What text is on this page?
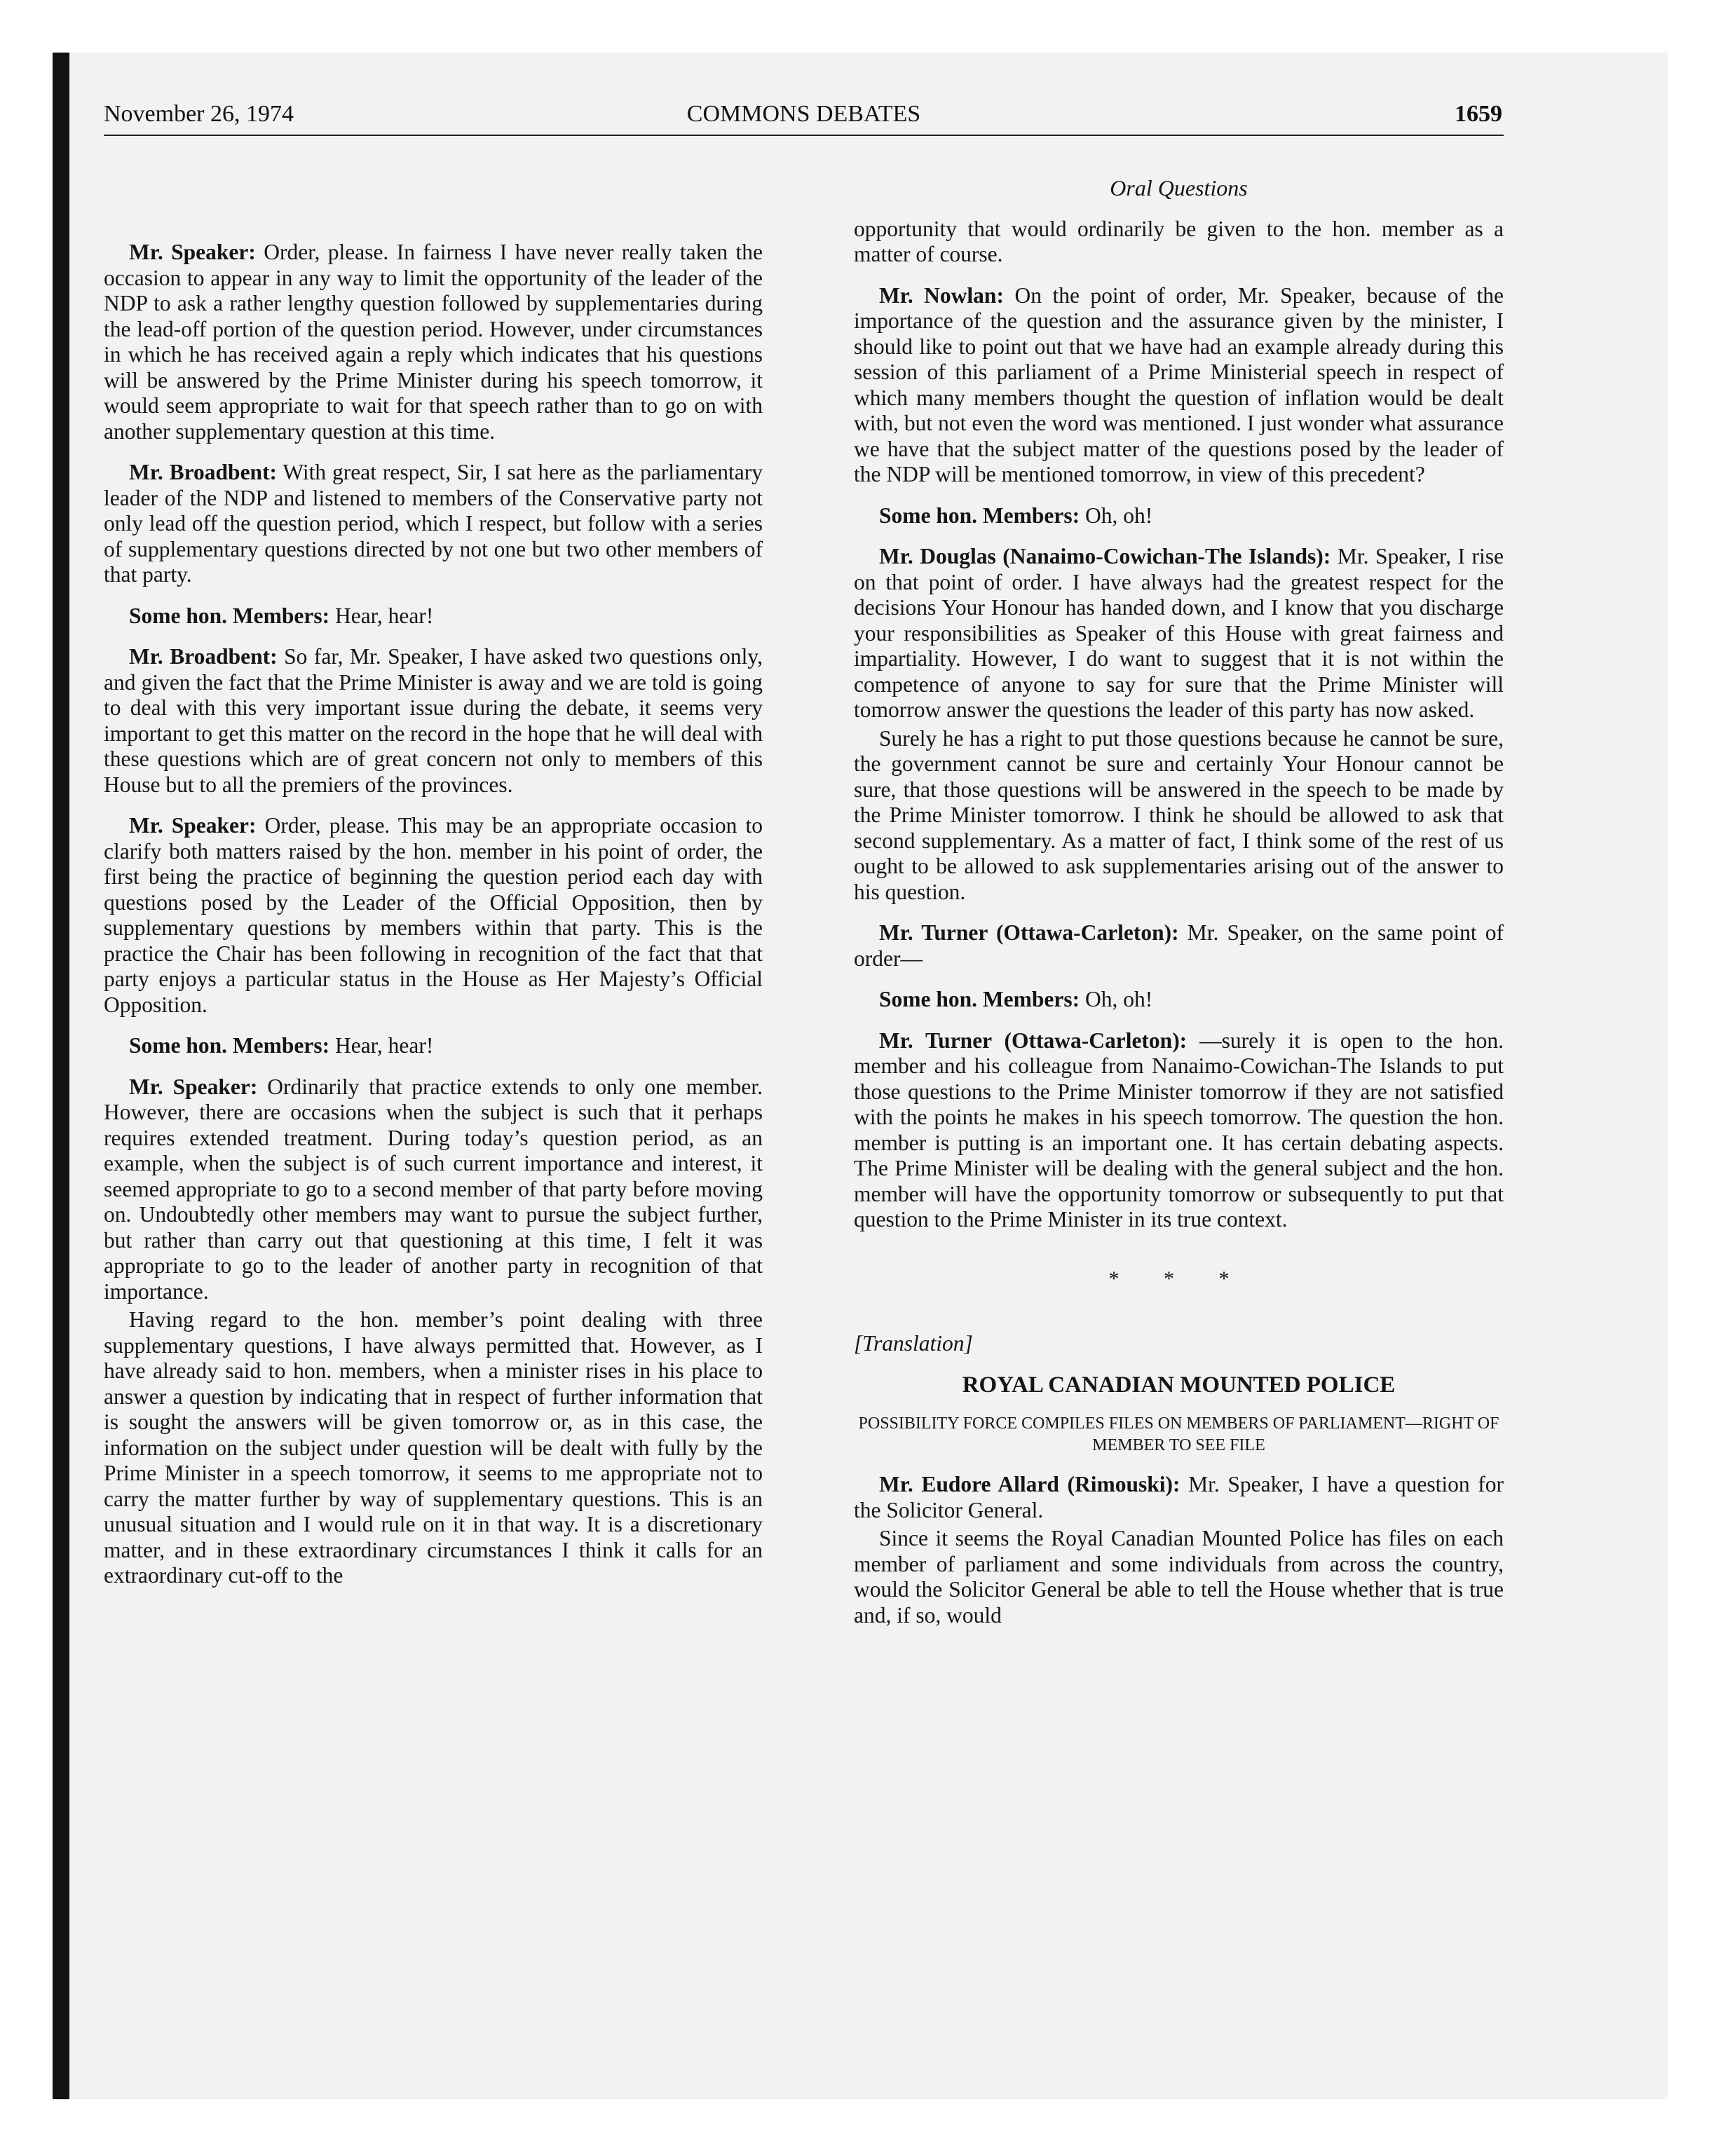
November 26, 1974	COMMONS DEBATES	1659

Mr. Speaker: Order, please. In fairness I have never really taken the occasion to appear in any way to limit the opportunity of the leader of the NDP to ask a rather lengthy question followed by supplementaries during the lead-off portion of the question period. However, under circumstances in which he has received again a reply which indicates that his questions will be answered by the Prime Minister during his speech tomorrow, it would seem appropriate to wait for that speech rather than to go on with another supplementary question at this time.

Mr. Broadbent: With great respect, Sir, I sat here as the parliamentary leader of the NDP and listened to members of the Conservative party not only lead off the question period, which I respect, but follow with a series of supplementary questions directed by not one but two other members of that party.

Some hon. Members: Hear, hear!

Mr. Broadbent: So far, Mr. Speaker, I have asked two questions only, and given the fact that the Prime Minister is away and we are told is going to deal with this very important issue during the debate, it seems very important to get this matter on the record in the hope that he will deal with these questions which are of great concern not only to members of this House but to all the premiers of the provinces.

Mr. Speaker: Order, please. This may be an appropriate occasion to clarify both matters raised by the hon. member in his point of order, the first being the practice of beginning the question period each day with questions posed by the Leader of the Official Opposition, then by supplementary questions by members within that party. This is the practice the Chair has been following in recognition of the fact that that party enjoys a particular status in the House as Her Majesty’s Official Opposition.

Some hon. Members: Hear, hear!

Mr. Speaker: Ordinarily that practice extends to only one member. However, there are occasions when the subject is such that it perhaps requires extended treatment. During today’s question period, as an example, when the subject is of such current importance and interest, it seemed appropriate to go to a second member of that party before moving on. Undoubtedly other members may want to pursue the subject further, but rather than carry out that questioning at this time, I felt it was appropriate to go to the leader of another party in recognition of that importance.

Having regard to the hon. member’s point dealing with three supplementary questions, I have always permitted that. However, as I have already said to hon. members, when a minister rises in his place to answer a question by indicating that in respect of further information that is sought the answers will be given tomorrow or, as in this case, the information on the subject under question will be dealt with fully by the Prime Minister in a speech tomorrow, it seems to me appropriate not to carry the matter further by way of supplementary questions. This is an unusual situation and I would rule on it in that way. It is a discretionary matter, and in these extraordinary circumstances I think it calls for an extraordinary cut-off to the

Oral Questions

opportunity that would ordinarily be given to the hon. member as a matter of course.

Mr. Nowlan: On the point of order, Mr. Speaker, because of the importance of the question and the assurance given by the minister, I should like to point out that we have had an example already during this session of this parliament of a Prime Ministerial speech in respect of which many members thought the question of inflation would be dealt with, but not even the word was mentioned. I just wonder what assurance we have that the subject matter of the questions posed by the leader of the NDP will be mentioned tomorrow, in view of this precedent?

Some hon. Members: Oh, oh!

Mr. Douglas (Nanaimo-Cowichan-The Islands): Mr. Speaker, I rise on that point of order. I have always had the greatest respect for the decisions Your Honour has handed down, and I know that you discharge your responsibilities as Speaker of this House with great fairness and impartiality. However, I do want to suggest that it is not within the competence of anyone to say for sure that the Prime Minister will tomorrow answer the questions the leader of this party has now asked.

Surely he has a right to put those questions because he cannot be sure, the government cannot be sure and certainly Your Honour cannot be sure, that those questions will be answered in the speech to be made by the Prime Minister tomorrow. I think he should be allowed to ask that second supplementary. As a matter of fact, I think some of the rest of us ought to be allowed to ask supplementaries arising out of the answer to his question.

Mr. Turner (Ottawa-Carleton): Mr. Speaker, on the same point of order—

Some hon. Members: Oh, oh!

Mr. Turner (Ottawa-Carleton): —surely it is open to the hon. member and his colleague from Nanaimo-Cowichan-The Islands to put those questions to the Prime Minister tomorrow if they are not satisfied with the points he makes in his speech tomorrow. The question the hon. member is putting is an important one. It has certain debating aspects. The Prime Minister will be dealing with the general subject and the hon. member will have the opportunity tomorrow or subsequently to put that question to the Prime Minister in its true context.

* * *

[Translation]

ROYAL CANADIAN MOUNTED POLICE

POSSIBILITY FORCE COMPILES FILES ON MEMBERS OF PARLIAMENT—RIGHT OF MEMBER TO SEE FILE

Mr. Eudore Allard (Rimouski): Mr. Speaker, I have a question for the Solicitor General.

Since it seems the Royal Canadian Mounted Police has files on each member of parliament and some individuals from across the country, would the Solicitor General be able to tell the House whether that is true and, if so, would
